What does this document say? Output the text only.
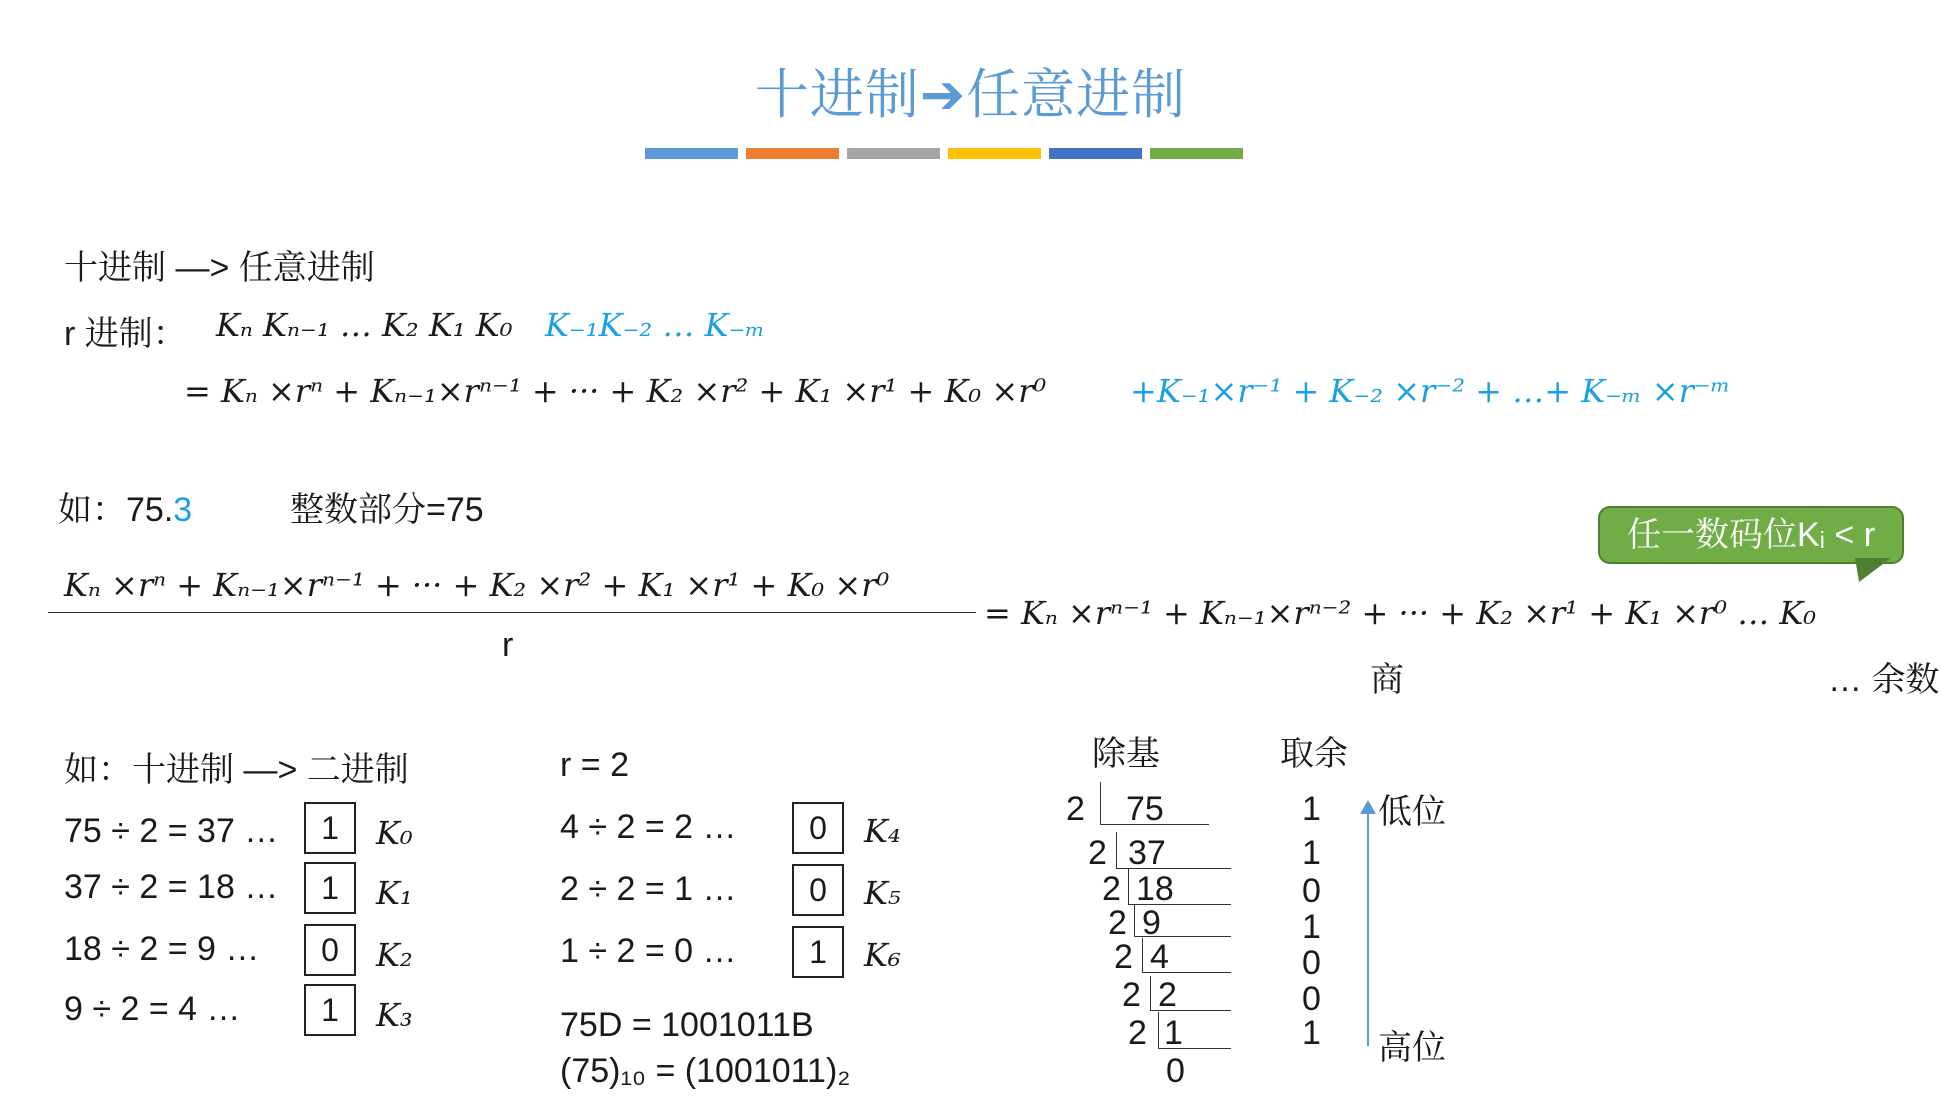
十进制➔任意进制
十进制 —> 任意进制
r 进制： Kₙ Kₙ₋₁ … K₂ K₁ K₀ K₋₁K₋₂ … K₋ₘ
= Kₙ ×rⁿ + Kₙ₋₁×rⁿ⁻¹ + ··· + K₂ ×r² + K₁ ×r¹ + K₀ ×r⁰	+K₋₁×r⁻¹ + K₋₂ ×r⁻² + …+ K₋ₘ ×r⁻ᵐ
如：75.3	整数部分=75
Kₙ ×rⁿ + Kₙ₋₁×rⁿ⁻¹ + ··· + K₂ ×r² + K₁ ×r¹ + K₀ ×r⁰
r
= Kₙ ×rⁿ⁻¹ + Kₙ₋₁×rⁿ⁻² + ··· + K₂ ×r¹ + K₁ ×r⁰ … K₀
商	… 余数
任一数码位Kᵢ < r
如：十进制 —> 二进制	r = 2
75 ÷ 2 = 37 …	1	K₀
37 ÷ 2 = 18 …	1	K₁
18 ÷ 2 = 9 …	0	K₂
9 ÷ 2 = 4 …	1	K₃
4 ÷ 2 = 2 …	0	K₄
2 ÷ 2 = 1 …	0	K₅
1 ÷ 2 = 0 …	1	K₆
75D = 1001011B
(75)₁₀ = (1001011)₂
除基	取余
2 75	1
2 37	1
2 18	0
2 9	1
2 4	0
2 2	0
2 1	1
0
低位
高位
